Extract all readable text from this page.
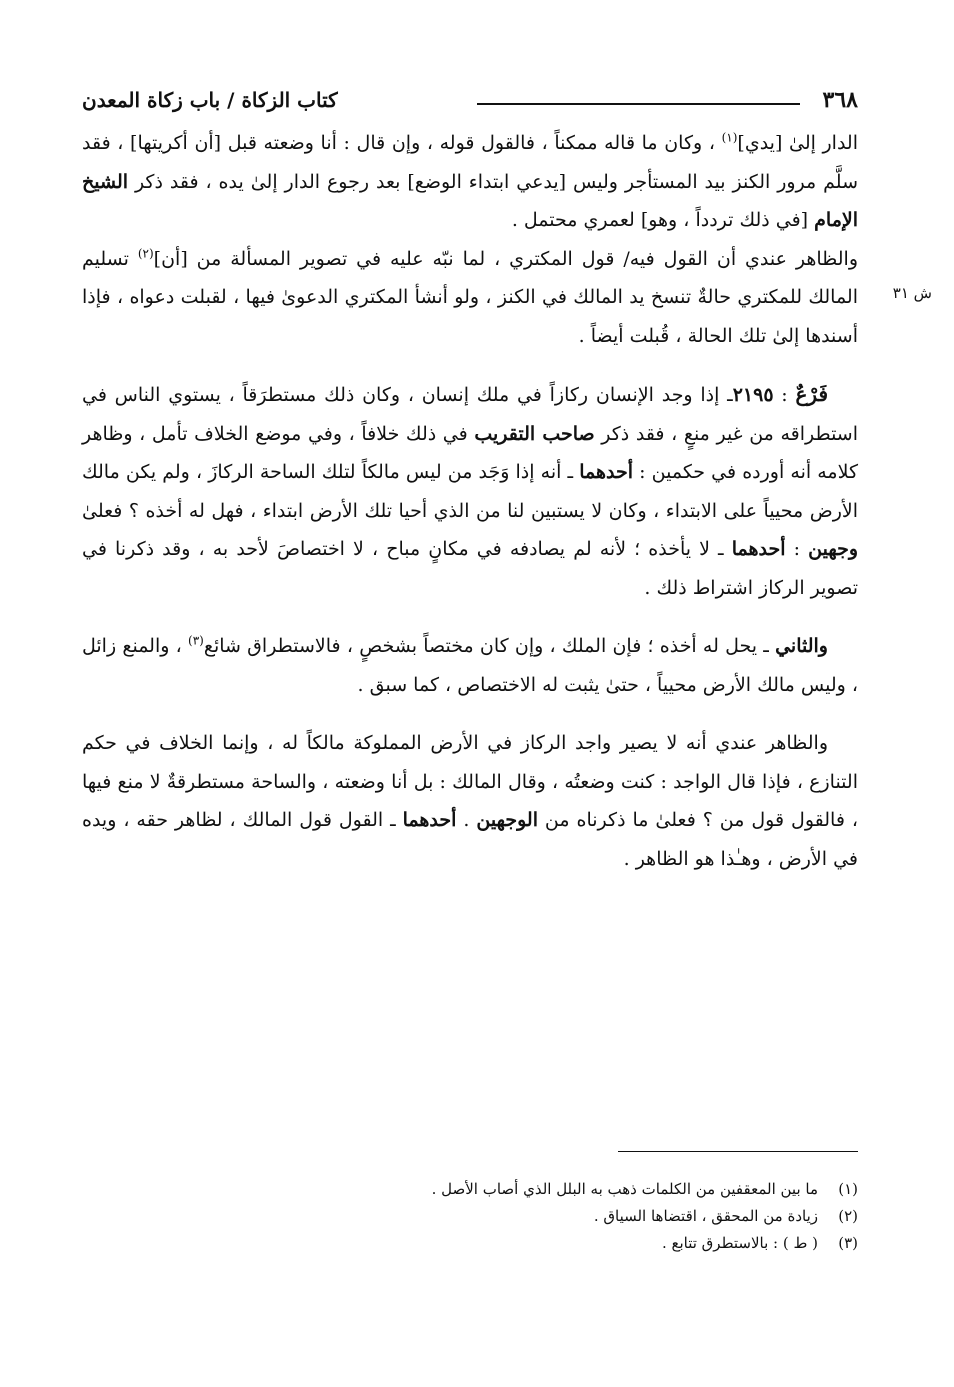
٣٦٨
كتاب الزكاة / باب زكاة المعدن
ش ٣١

الدار إلىٰ [يدي]$^{(١)}$ ، وكان ما قاله ممكناً ، فالقول قوله ، وإن قال : أنا وضعته قبل [أن أكريتها] ، فقد سلَّم مرور الكنز بيد المستأجر وليس [يدعي ابتداء الوضع] بعد رجوع الدار إلىٰ يده ، فقد ذكر الشيخ الإمام [في ذلك تردداً ، وهو] لعمري محتمل .

والظاهر عندي أن القول فيه/ قول المكتري ، لما نبّه عليه في تصوير المسألة من [أن]$^{(٢)}$ تسليم المالك للمكتري حالةٌ تنسخ يد المالك في الكنز ، ولو أنشأ المكتري الدعوىٰ فيها ، لقبلت دعواه ، فإذا أسندها إلىٰ تلك الحالة ، قُبلت أيضاً .

فَرْعٌ : ٢١٩٥ـ إذا وجد الإنسان ركازاً في ملك إنسان ، وكان ذلك مستطرَقاً ، يستوي الناس في استطراقه من غير منعٍ ، فقد ذكر صاحب التقريب في ذلك خلافاً ، وفي موضع الخلاف تأمل ، وظاهر كلامه أنه أورده في حكمين : أحدهما ـ أنه إذا وَجَد من ليس مالكاً لتلك الساحة الركازَ ، ولم يكن مالك الأرض محيياً على الابتداء ، وكان لا يستبين لنا من الذي أحيا تلك الأرض ابتداء ، فهل له أخذه ؟ فعلىٰ وجهين : أحدهما ـ لا يأخذه ؛ لأنه لم يصادفه في مكانٍ مباح ، لا اختصاصَ لأحد به ، وقد ذكرنا في تصوير الركاز اشتراط ذلك .

والثاني ـ يحل له أخذه ؛ فإن الملك ، وإن كان مختصاً بشخصٍ ، فالاستطراق شائع$^{(٣)}$ ، والمنع زائل ، وليس مالك الأرض محيياً ، حتىٰ يثبت له الاختصاص ، كما سبق .

والظاهر عندي أنه لا يصير واجد الركاز في الأرض المملوكة مالكاً له ، وإنما الخلاف في حكم التنازع ، فإذا قال الواجد : كنت وضعتُه ، وقال المالك : بل أنا وضعته ، والساحة مستطرقةٌ لا منع فيها ، فالقول قول من ؟ فعلىٰ ما ذكرناه من الوجهين . أحدهما ـ القول قول المالك ، لظاهر حقه ، ويده في الأرض ، وهـٰذا هو الظاهر .

(١)
ما بين المعقفين من الكلمات ذهب به البلل الذي أصاب الأصل .
(٢)
زيادة من المحقق ، اقتضاها السياق .
(٣)
( ط ) : بالاستطرق تتابع .
